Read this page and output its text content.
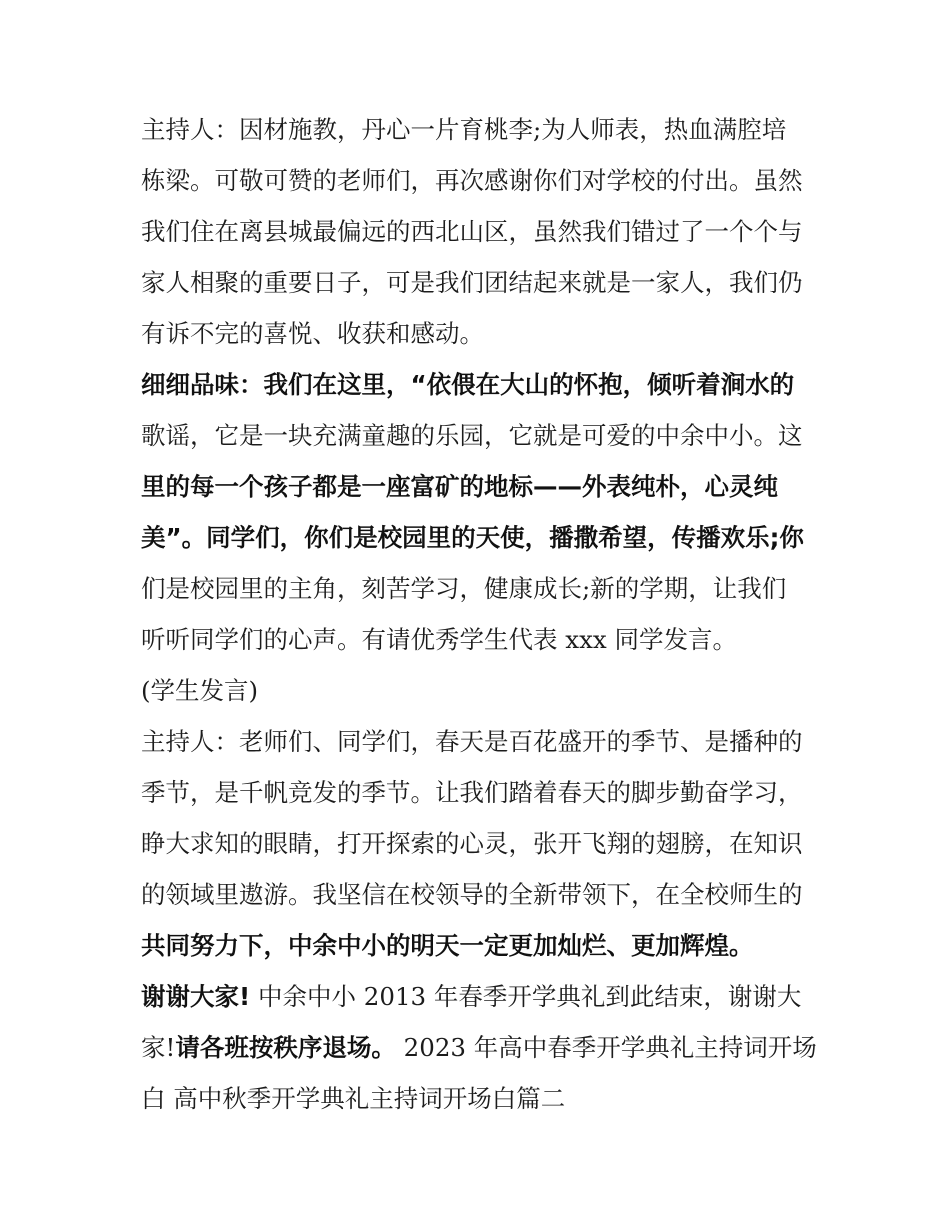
主持人：因材施教，丹心一片育桃李;为人师表，热血满腔培
栋梁。可敬可赞的老师们，再次感谢你们对学校的付出。虽然
我们住在离县城最偏远的西北山区，虽然我们错过了一个个与
家人相聚的重要日子，可是我们团结起来就是一家人，我们仍
有诉不完的喜悦、收获和感动。
细细品味：我们在这里，“依偎在大山的怀抱，倾听着涧水的
歌谣，它是一块充满童趣的乐园，它就是可爱的中余中小。这
里的每一个孩子都是一座富矿的地标——外表纯朴，心灵纯
美”。同学们，你们是校园里的天使，播撒希望，传播欢乐;你
们是校园里的主角，刻苦学习，健康成长;新的学期，让我们
听听同学们的心声。有请优秀学生代表 xxx 同学发言。
(学生发言)
主持人：老师们、同学们，春天是百花盛开的季节、是播种的
季节，是千帆竞发的季节。让我们踏着春天的脚步勤奋学习，
睁大求知的眼睛，打开探索的心灵，张开飞翔的翅膀，在知识
的领域里遨游。我坚信在校领导的全新带领下，在全校师生的
共同努力下，中余中小的明天一定更加灿烂、更加辉煌。
谢谢大家! 中余中小 2013 年春季开学典礼到此结束，谢谢大
家!请各班按秩序退场。 2023 年高中春季开学典礼主持词开场
白 高中秋季开学典礼主持词开场白篇二
